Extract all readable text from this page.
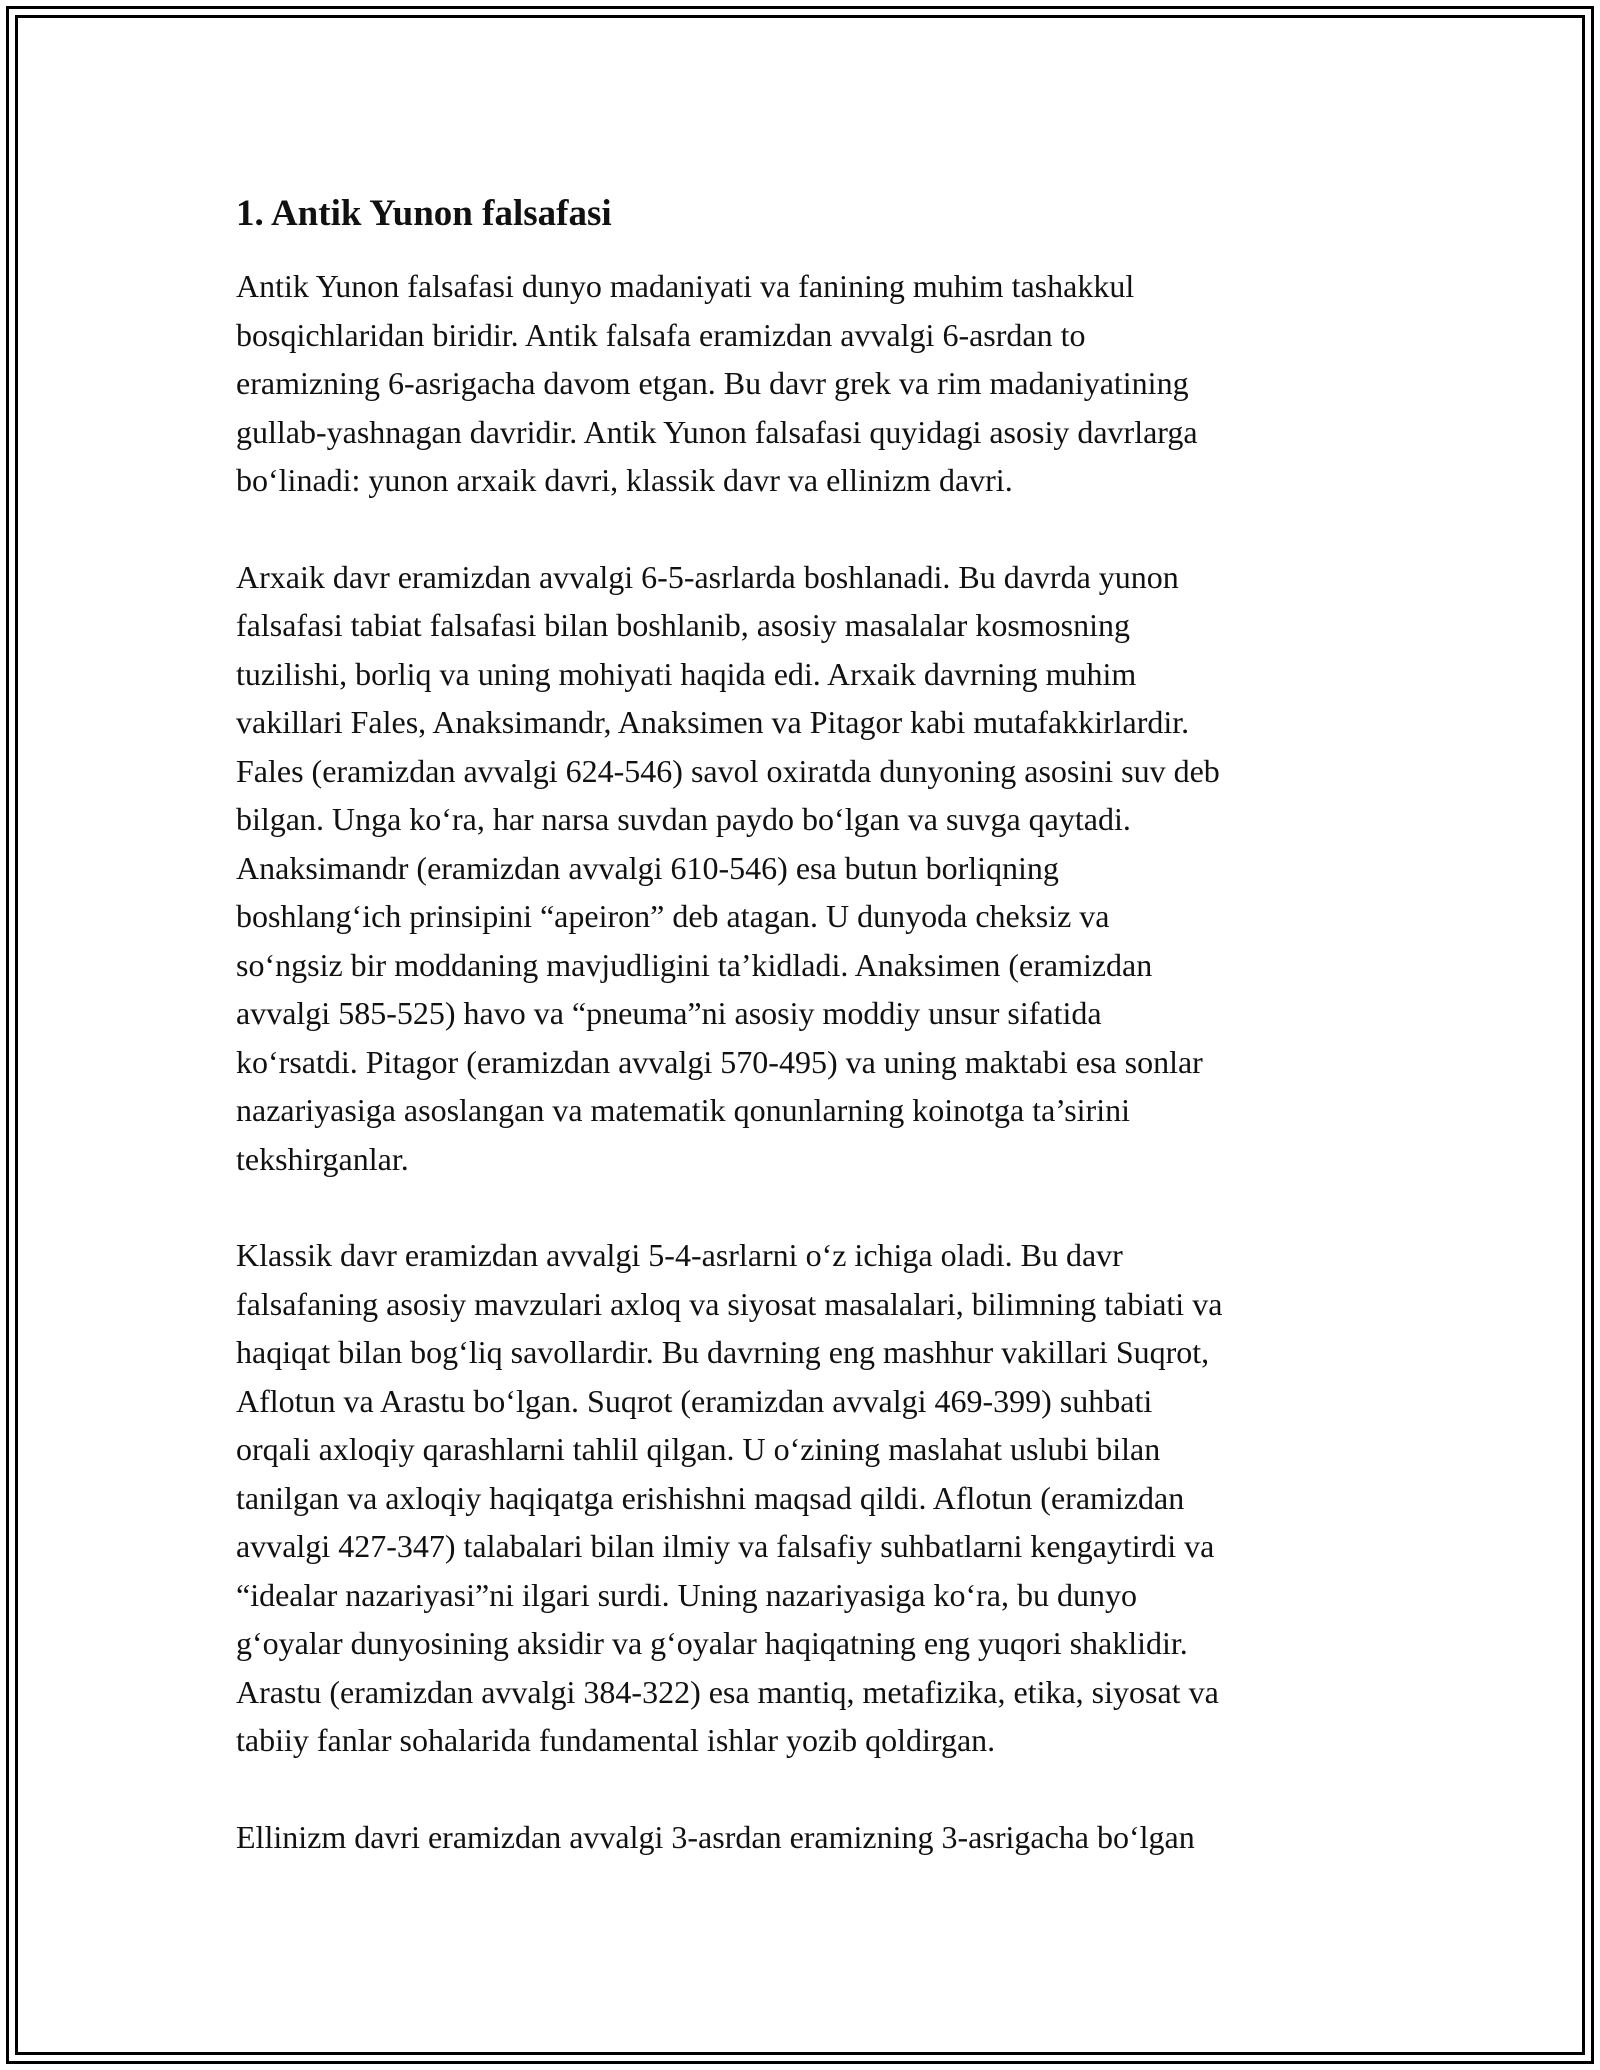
1. Antik Yunon falsafasi

Antik Yunon falsafasi dunyo madaniyati va fanining muhim tashakkul
bosqichlaridan biridir. Antik falsafa eramizdan avvalgi 6-asrdan to
eramizning 6-asrigacha davom etgan. Bu davr grek va rim madaniyatining
gullab-yashnagan davridir. Antik Yunon falsafasi quyidagi asosiy davrlarga
bo‘linadi: yunon arxaik davri, klassik davr va ellinizm davri.

Arxaik davr eramizdan avvalgi 6-5-asrlarda boshlanadi. Bu davrda yunon
falsafasi tabiat falsafasi bilan boshlanib, asosiy masalalar kosmosning
tuzilishi, borliq va uning mohiyati haqida edi. Arxaik davrning muhim
vakillari Fales, Anaksimandr, Anaksimen va Pitagor kabi mutafakkirlardir.
Fales (eramizdan avvalgi 624-546) savol oxiratda dunyoning asosini suv deb
bilgan. Unga ko‘ra, har narsa suvdan paydo bo‘lgan va suvga qaytadi.
Anaksimandr (eramizdan avvalgi 610-546) esa butun borliqning
boshlang‘ich prinsipini “apeiron” deb atagan. U dunyoda cheksiz va
so‘ngsiz bir moddaning mavjudligini ta’kidladi. Anaksimen (eramizdan
avvalgi 585-525) havo va “pneuma”ni asosiy moddiy unsur sifatida
ko‘rsatdi. Pitagor (eramizdan avvalgi 570-495) va uning maktabi esa sonlar
nazariyasiga asoslangan va matematik qonunlarning koinotga ta’sirini
tekshirganlar.

Klassik davr eramizdan avvalgi 5-4-asrlarni o‘z ichiga oladi. Bu davr
falsafaning asosiy mavzulari axloq va siyosat masalalari, bilimning tabiati va
haqiqat bilan bog‘liq savollardir. Bu davrning eng mashhur vakillari Suqrot,
Aflotun va Arastu bo‘lgan. Suqrot (eramizdan avvalgi 469-399) suhbati
orqali axloqiy qarashlarni tahlil qilgan. U o‘zining maslahat uslubi bilan
tanilgan va axloqiy haqiqatga erishishni maqsad qildi. Aflotun (eramizdan
avvalgi 427-347) talabalari bilan ilmiy va falsafiy suhbatlarni kengaytirdi va
“idealar nazariyasi”ni ilgari surdi. Uning nazariyasiga ko‘ra, bu dunyo
g‘oyalar dunyosining aksidir va g‘oyalar haqiqatning eng yuqori shaklidir.
Arastu (eramizdan avvalgi 384-322) esa mantiq, metafizika, etika, siyosat va
tabiiy fanlar sohalarida fundamental ishlar yozib qoldirgan.

Ellinizm davri eramizdan avvalgi 3-asrdan eramizning 3-asrigacha bo‘lgan
